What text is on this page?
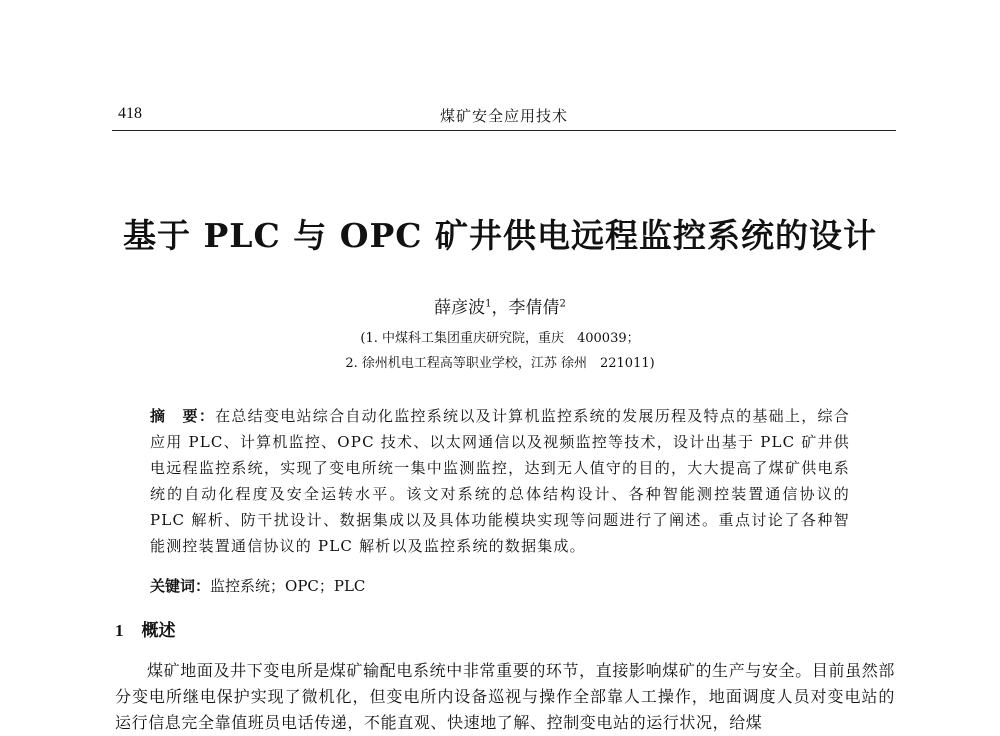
418	煤矿安全应用技术
基于 PLC 与 OPC 矿井供电远程监控系统的设计
薛彦波$^1$，李倩倩$^2$
(1. 中煤科工集团重庆研究院，重庆　400039；
2. 徐州机电工程高等职业学校，江苏 徐州　221011)
摘　要：在总结变电站综合自动化监控系统以及计算机监控系统的发展历程及特点的基础上，综合应用 PLC、计算机监控、OPC 技术、以太网通信以及视频监控等技术，设计出基于 PLC 矿井供电远程监控系统，实现了变电所统一集中监测监控，达到无人值守的目的，大大提高了煤矿供电系统的自动化程度及安全运转水平。该文对系统的总体结构设计、各种智能测控装置通信协议的 PLC 解析、防干扰设计、数据集成以及具体功能模块实现等问题进行了阐述。重点讨论了各种智能测控装置通信协议的 PLC 解析以及监控系统的数据集成。
关键词：监控系统；OPC；PLC
1 概述
煤矿地面及井下变电所是煤矿输配电系统中非常重要的环节，直接影响煤矿的生产与安全。目前虽然部分变电所继电保护实现了微机化，但变电所内设备巡视与操作全部靠人工操作，地面调度人员对变电站的运行信息完全靠值班员电话传递，不能直观、快速地了解、控制变电站的运行状况，给煤
